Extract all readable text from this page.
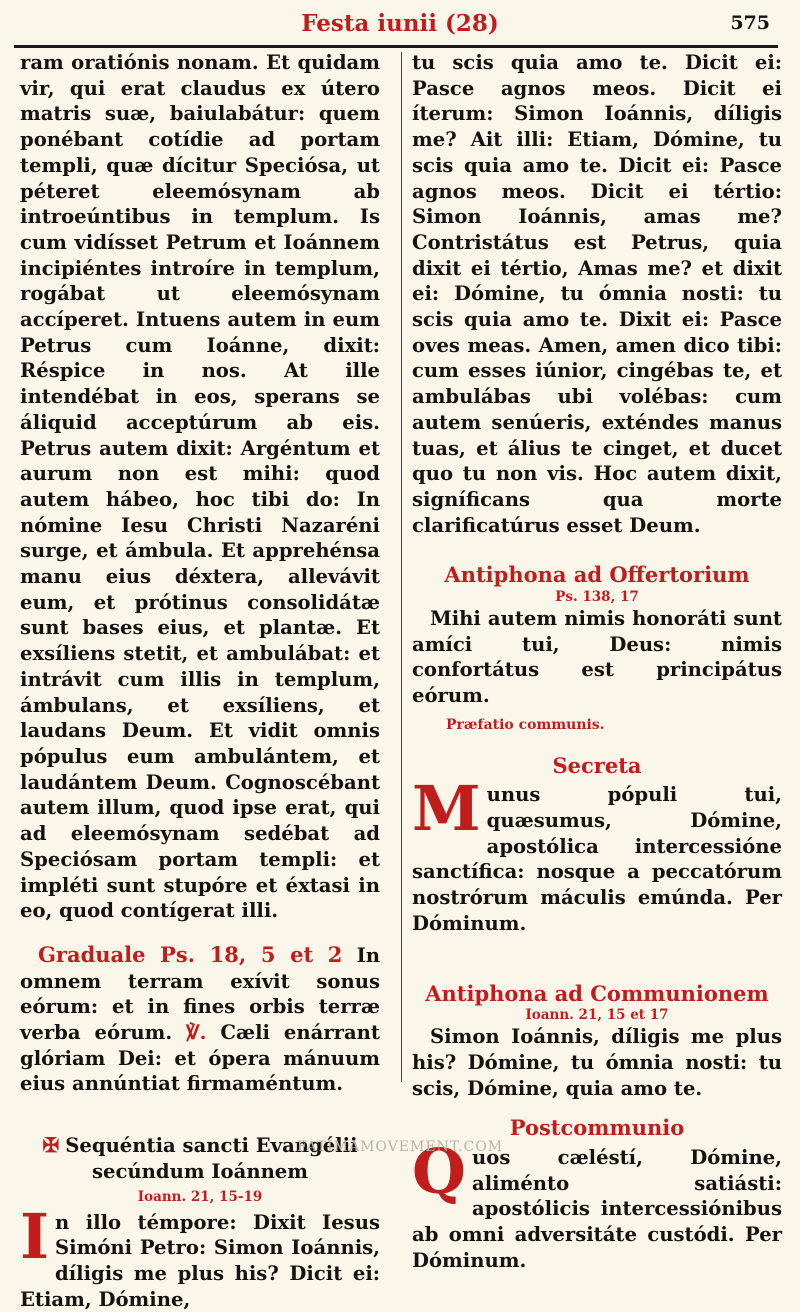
Festa iunii (28)	575

ram oratiónis nonam. Et quidam vir, qui erat claudus ex útero matris suæ, baiulabátur: quem ponébant cotídie ad portam templi, quæ dícitur Speciósa, ut péteret eleemósynam ab introeúntibus in templum. Is cum vidísset Petrum et Ioánnem incipiéntes introíre in templum, rogábat ut eleemósynam accíperet. Intuens autem in eum Petrus cum Ioánne, dixit: Réspice in nos. At ille intendébat in eos, sperans se áliquid acceptúrum ab eis. Petrus autem dixit: Argéntum et aurum non est mihi: quod autem hábeo, hoc tibi do: In nómine Iesu Christi Nazaréni surge, et ámbula. Et apprehénsa manu eius déxtera, allevávit eum, et prótinus consolidátæ sunt bases eius, et plantæ. Et exsíliens stetit, et ambulábat: et intrávit cum illis in templum, ámbulans, et exsíliens, et laudans Deum. Et vidit omnis pópulus eum ambulántem, et laudántem Deum. Cognoscébant autem illum, quod ipse erat, qui ad eleemósynam sedébat ad Speciósam portam templi: et impléti sunt stupóre et éxtasi in eo, quod contígerat illi.

Graduale Ps. 18, 5 et 2 In omnem terram exívit sonus eórum: et in fines orbis terræ verba eórum. ℣. Cæli enárrant glóriam Dei: et ópera mánuum eius annúntiat firmaméntum.

✠ Sequéntia sancti Evangélii

secúndum Ioánnem

Ioann. 21, 15-19

In illo témpore: Dixit Iesus Simóni Petro: Simon Ioánnis, díligis me plus his? Dicit ei: Etiam, Dómine,

tu scis quia amo te. Dicit ei: Pasce agnos meos. Dicit ei íterum: Simon Ioánnis, díligis me? Ait illi: Etiam, Dómine, tu scis quia amo te. Dicit ei: Pasce agnos meos. Dicit ei tértio: Simon Ioánnis, amas me? Contristátus est Petrus, quia dixit ei tértio, Amas me? et dixit ei: Dómine, tu ómnia nosti: tu scis quia amo te. Dixit ei: Pasce oves meas. Amen, amen dico tibi: cum esses iúnior, cingébas te, et ambulábas ubi volébas: cum autem senúeris, exténdes manus tuas, et álius te cinget, et ducet quo tu non vis. Hoc autem dixit, signíficans qua morte clarificatúrus esset Deum.

Antiphona ad Offertorium

Ps. 138, 17

Mihi autem nimis honoráti sunt amíci tui, Deus: nimis confortátus est principátus eórum.

Præfatio communis.

Secreta

Munus pópuli tui, quæsumus, Dómine, apostólica intercessióne sanctífica: nosque a peccatórum nostrórum máculis emúnda. Per Dóminum.

Antiphona ad Communionem

Ioann. 21, 15 et 17

Simon Ioánnis, díligis me plus his? Dómine, tu ómnia nosti: tu scis, Dómine, quia amo te.

Postcommunio

Quos cæléstí, Dómine, aliménto satiásti: apostólicis intercessiónibus ab omni adversitáte custódi. Per Dóminum.

FATIMAMOVEMENT.COM
